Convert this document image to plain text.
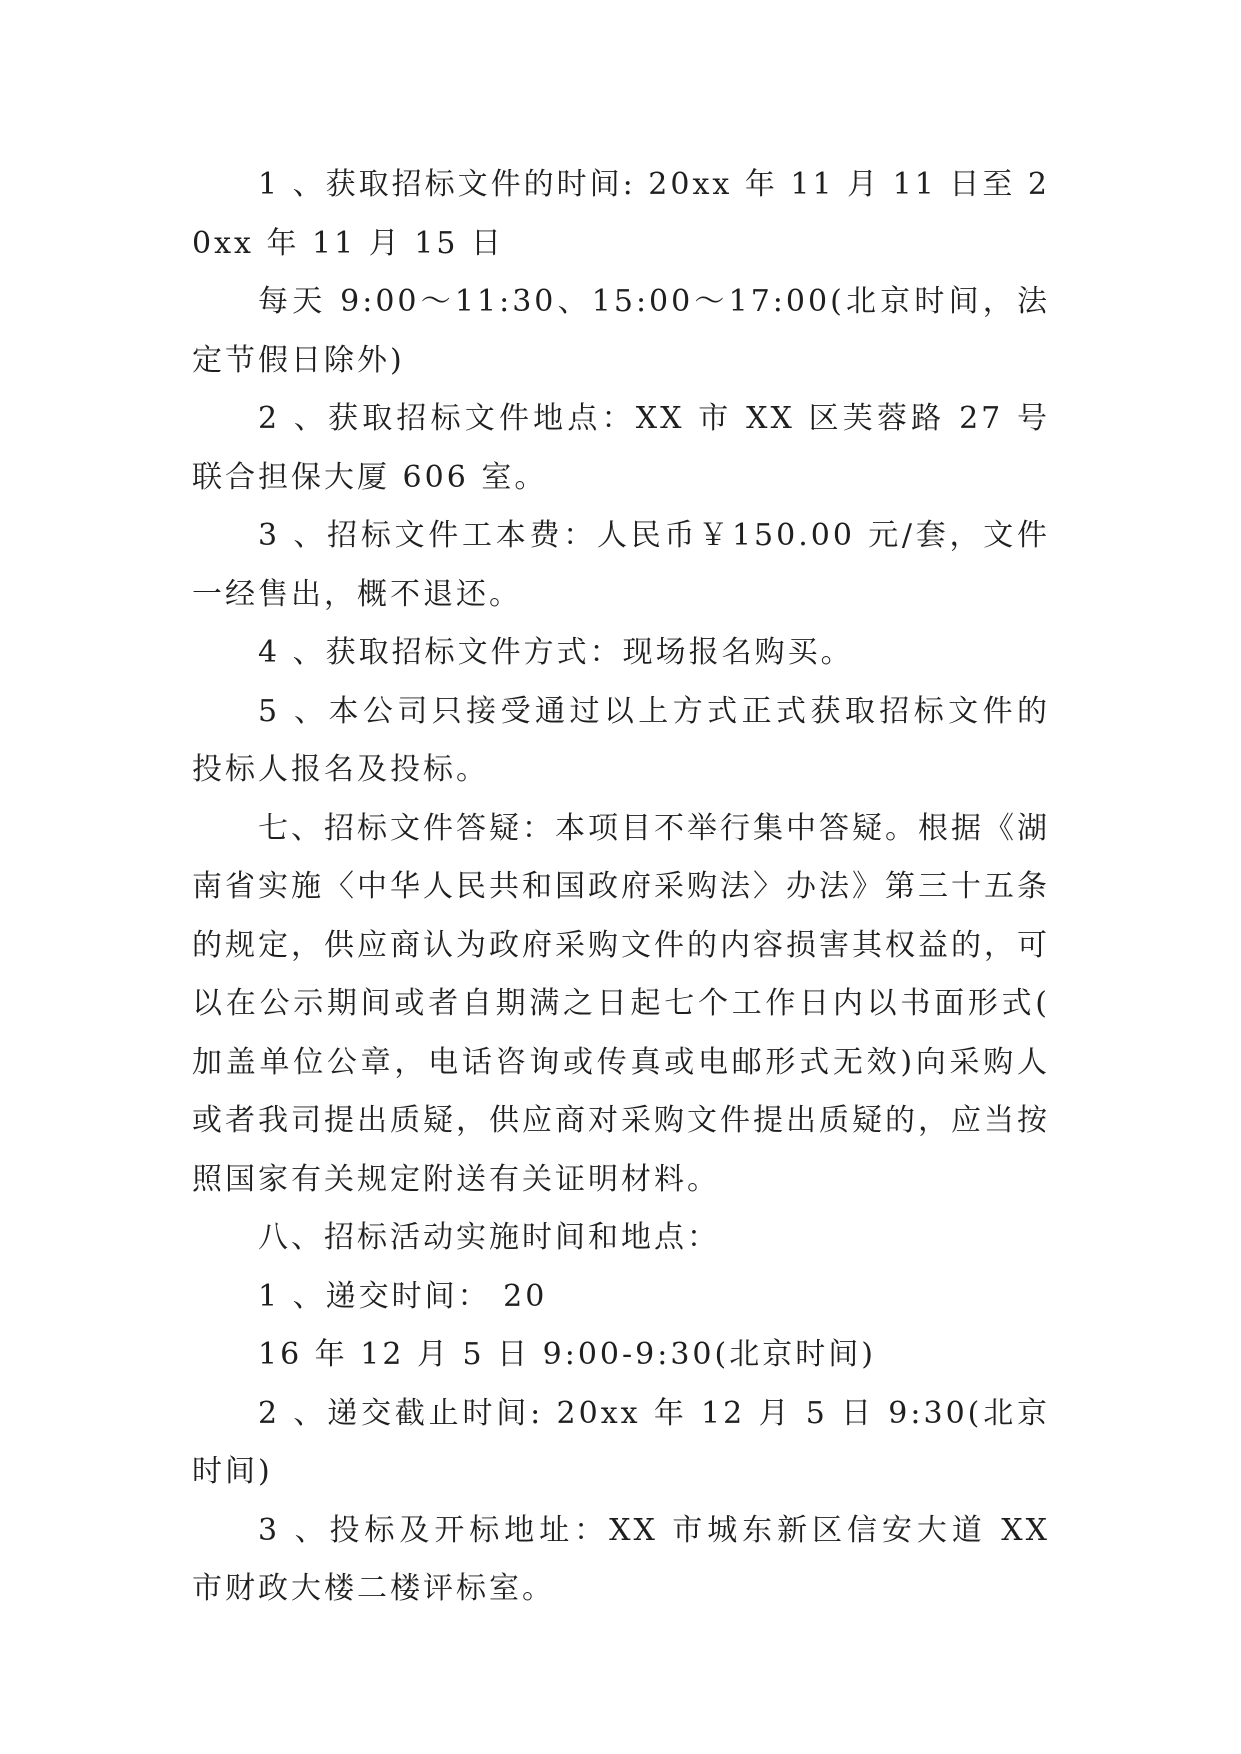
1 、获取招标文件的时间: 20xx 年 11 月 11 日至 20xx 年 11 月 15 日

每天 9:00～11:30、15:00～17:00(北京时间，法定节假日除外)

2 、获取招标文件地点：XX 市 XX 区芙蓉路 27 号联合担保大厦 606 室。

3 、招标文件工本费：人民币￥150.00 元/套，文件一经售出，概不退还。

4 、获取招标文件方式：现场报名购买。

5 、本公司只接受通过以上方式正式获取招标文件的投标人报名及投标。

七、招标文件答疑：本项目不举行集中答疑。根据《湖南省实施〈中华人民共和国政府采购法〉办法》第三十五条的规定，供应商认为政府采购文件的内容损害其权益的，可以在公示期间或者自期满之日起七个工作日内以书面形式(加盖单位公章，电话咨询或传真或电邮形式无效)向采购人或者我司提出质疑，供应商对采购文件提出质疑的，应当按照国家有关规定附送有关证明材料。

八、招标活动实施时间和地点：

1 、递交时间： 20

16 年 12 月 5 日 9:00-9:30(北京时间)

2 、递交截止时间: 20xx 年 12 月 5 日 9:30(北京时间)

3 、投标及开标地址：XX 市城东新区信安大道 XX 市财政大楼二楼评标室。
